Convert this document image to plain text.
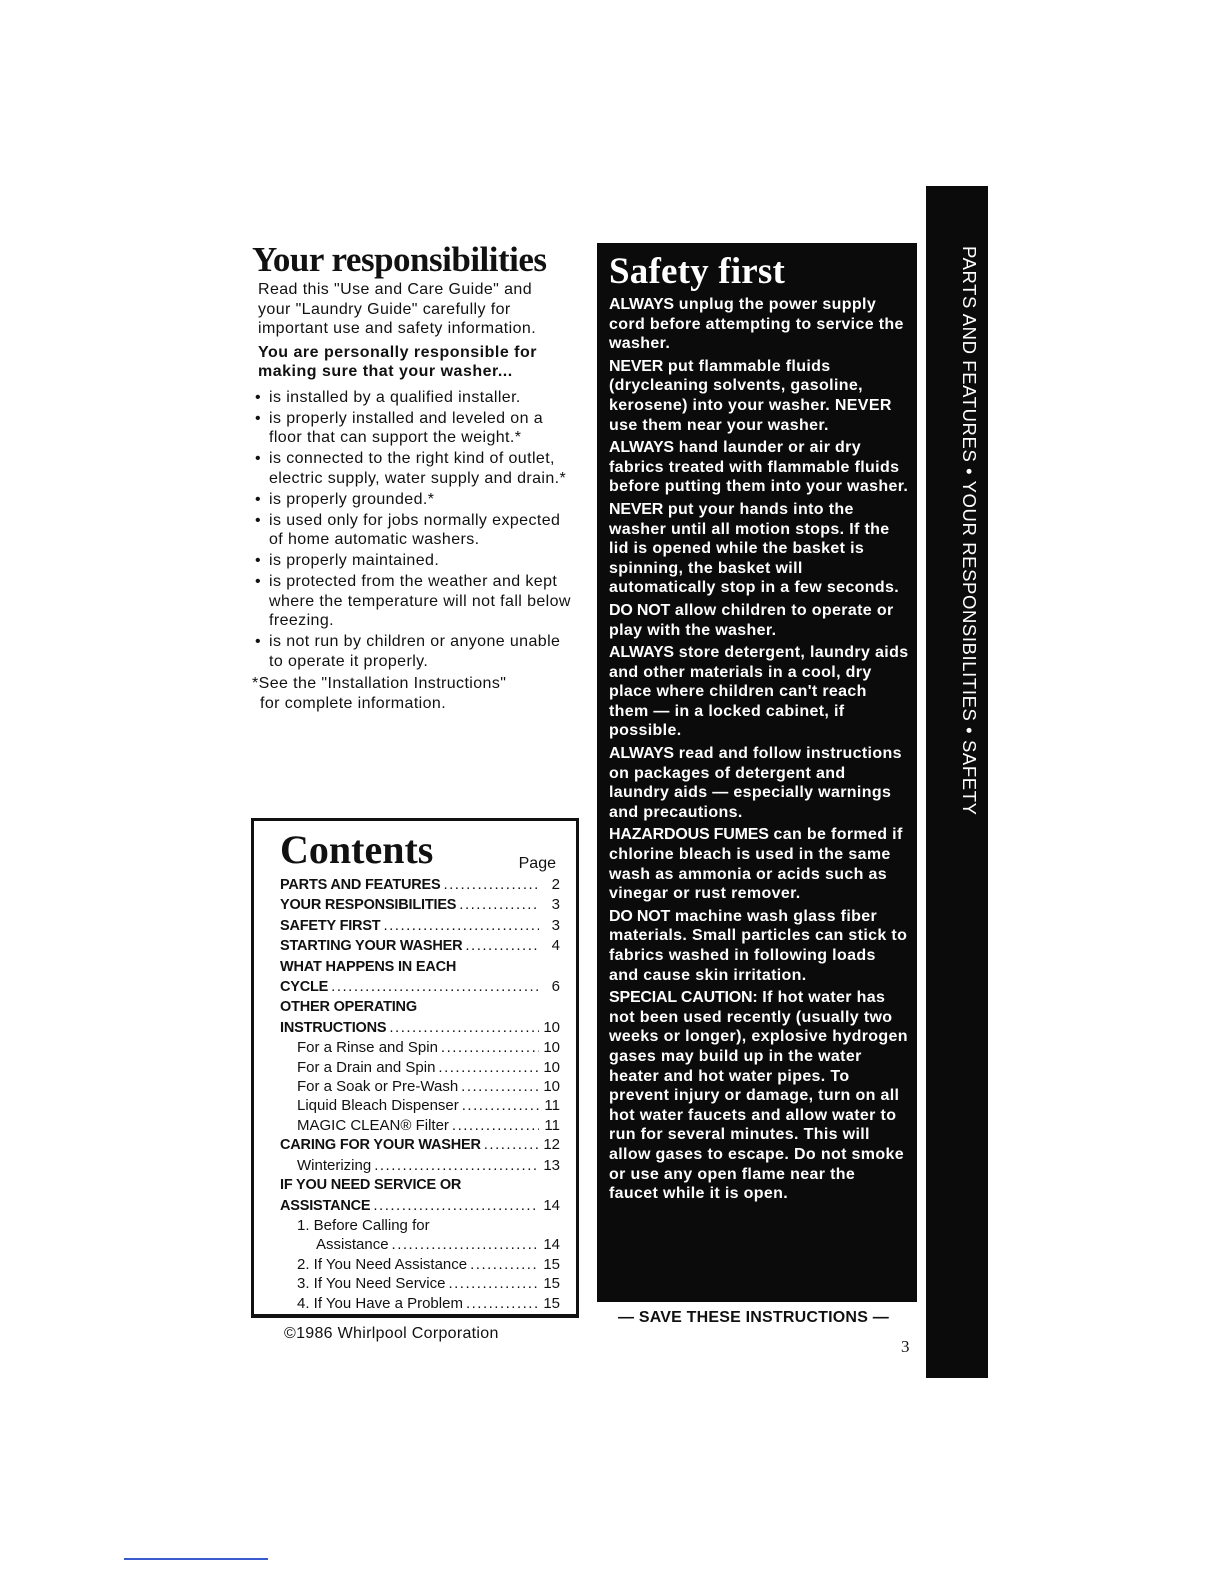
Your responsibilities

Read this "Use and Care Guide" and your "Laundry Guide" carefully for important use and safety information.

You are personally responsible for making sure that your washer...

• is installed by a qualified installer.
• is properly installed and leveled on a floor that can support the weight.*
• is connected to the right kind of outlet, electric supply, water supply and drain.*
• is properly grounded.*
• is used only for jobs normally expected of home automatic washers.
• is properly maintained.
• is protected from the weather and kept where the temperature will not fall below freezing.
• is not run by children or anyone unable to operate it properly.

*See the "Installation Instructions"
for complete information.

Contents	Page
PARTS AND FEATURES .....	2
YOUR RESPONSIBILITIES .....	3
SAFETY FIRST .....	3
STARTING YOUR WASHER .....	4
WHAT HAPPENS IN EACH
CYCLE .....	6
OTHER OPERATING
INSTRUCTIONS .....	10
For a Rinse and Spin .....	10
For a Drain and Spin .....	10
For a Soak or Pre-Wash .....	10
Liquid Bleach Dispenser .....	11
MAGIC CLEAN® Filter .....	11
CARING FOR YOUR WASHER .....	12
Winterizing .....	13
IF YOU NEED SERVICE OR
ASSISTANCE .....	14
1. Before Calling for
Assistance .....	14
2. If You Need Assistance .....	15
3. If You Need Service .....	15
4. If You Have a Problem .....	15
©1986 Whirlpool Corporation
Safety first

ALWAYS unplug the power supply cord before attempting to service the washer.

NEVER put flammable fluids (drycleaning solvents, gasoline, kerosene) into your washer. NEVER use them near your washer.

ALWAYS hand launder or air dry fabrics treated with flammable fluids before putting them into your washer.

NEVER put your hands into the washer until all motion stops. If the lid is opened while the basket is spinning, the basket will automatically stop in a few seconds.

DO NOT allow children to operate or play with the washer.

ALWAYS store detergent, laundry aids and other materials in a cool, dry place where children can't reach them — in a locked cabinet, if possible.

ALWAYS read and follow instructions on packages of detergent and laundry aids — especially warnings and precautions.

HAZARDOUS FUMES can be formed if chlorine bleach is used in the same wash as ammonia or acids such as vinegar or rust remover.

DO NOT machine wash glass fiber materials. Small particles can stick to fabrics washed in following loads and cause skin irritation.

SPECIAL CAUTION: If hot water has not been used recently (usually two weeks or longer), explosive hydrogen gases may build up in the water heater and hot water pipes. To prevent injury or damage, turn on all hot water faucets and allow water to run for several minutes. This will allow gases to escape. Do not smoke or use any open flame near the faucet while it is open.

— SAVE THESE INSTRUCTIONS —
3
PARTS AND FEATURES • YOUR RESPONSIBILITIES • SAFETY
